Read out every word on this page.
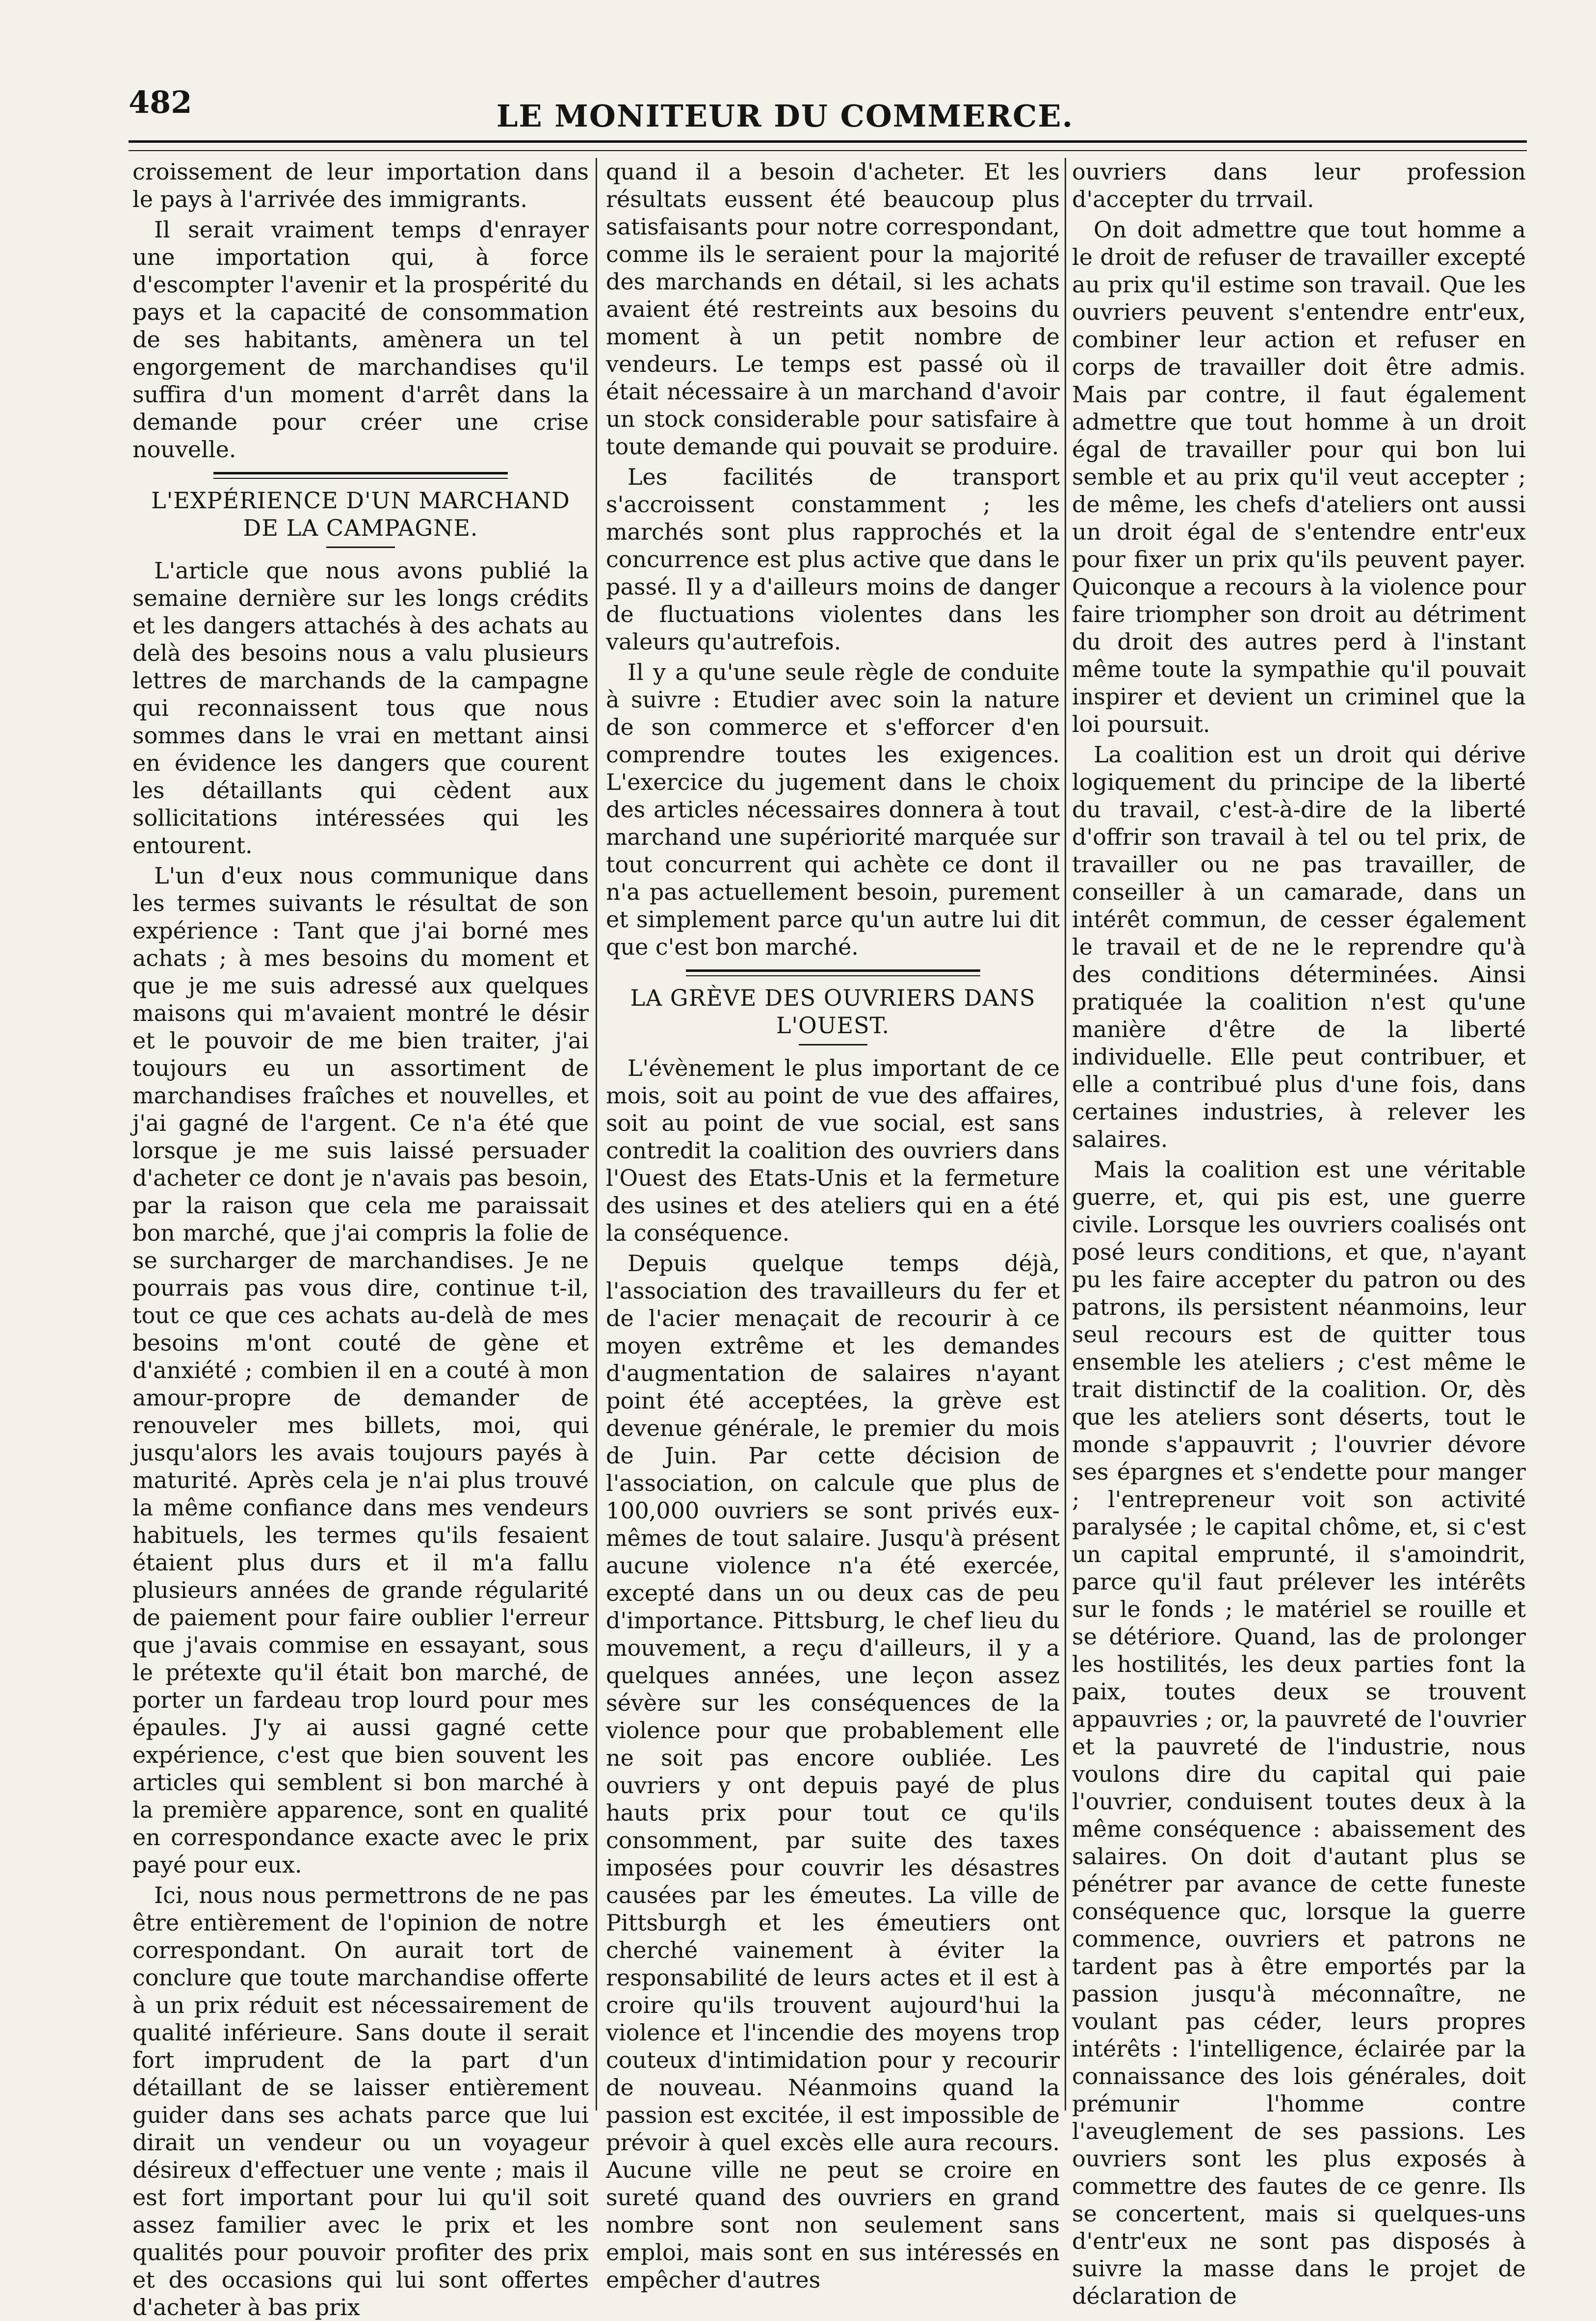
482	LE MONITEUR DU COMMERCE.

croissement de leur importation dans le pays à l'arrivée des immigrants.

Il serait vraiment temps d'enrayer une importation qui, à force d'escompter l'avenir et la prospérité du pays et la capacité de consommation de ses habitants, amènera un tel engorgement de marchandises qu'il suffira d'un moment d'arrêt dans la demande pour créer une crise nouvelle.

L'EXPÉRIENCE D'UN MARCHAND
DE LA CAMPAGNE.

L'article que nous avons publié la semaine dernière sur les longs crédits et les dangers attachés à des achats au delà des besoins nous a valu plusieurs lettres de marchands de la campagne qui reconnaissent tous que nous sommes dans le vrai en mettant ainsi en évidence les dangers que courent les détaillants qui cèdent aux sollicitations intéressées qui les entourent.

L'un d'eux nous communique dans les termes suivants le résultat de son expérience : Tant que j'ai borné mes achats ; à mes besoins du moment et que je me suis adressé aux quelques maisons qui m'avaient montré le désir et le pouvoir de me bien traiter, j'ai toujours eu un assortiment de marchandises fraîches et nouvelles, et j'ai gagné de l'argent. Ce n'a été que lorsque je me suis laissé persuader d'acheter ce dont je n'avais pas besoin, par la raison que cela me paraissait bon marché, que j'ai compris la folie de se surcharger de marchandises. Je ne pourrais pas vous dire, continue t-il, tout ce que ces achats au-delà de mes besoins m'ont couté de gène et d'anxiété ; combien il en a couté à mon amour-propre de demander de renouveler mes billets, moi, qui jusqu'alors les avais toujours payés à maturité. Après cela je n'ai plus trouvé la même confiance dans mes vendeurs habituels, les termes qu'ils fesaient étaient plus durs et il m'a fallu plusieurs années de grande régularité de paiement pour faire oublier l'erreur que j'avais commise en essayant, sous le prétexte qu'il était bon marché, de porter un fardeau trop lourd pour mes épaules. J'y ai aussi gagné cette expérience, c'est que bien souvent les articles qui semblent si bon marché à la première apparence, sont en qualité en correspondance exacte avec le prix payé pour eux.

Ici, nous nous permettrons de ne pas être entièrement de l'opinion de notre correspondant. On aurait tort de conclure que toute marchandise offerte à un prix réduit est nécessairement de qualité inférieure. Sans doute il serait fort imprudent de la part d'un détaillant de se laisser entièrement guider dans ses achats parce que lui dirait un vendeur ou un voyageur désireux d'effectuer une vente ; mais il est fort important pour lui qu'il soit assez familier avec le prix et les qualités pour pouvoir profiter des prix et des occasions qui lui sont offertes d'acheter à bas prix

quand il a besoin d'acheter. Et les résultats eussent été beaucoup plus satisfaisants pour notre correspondant, comme ils le seraient pour la majorité des marchands en détail, si les achats avaient été restreints aux besoins du moment à un petit nombre de vendeurs. Le temps est passé où il était nécessaire à un marchand d'avoir un stock considerable pour satisfaire à toute demande qui pouvait se produire.

Les facilités de transport s'accroissent constamment ; les marchés sont plus rapprochés et la concurrence est plus active que dans le passé. Il y a d'ailleurs moins de danger de fluctuations violentes dans les valeurs qu'autrefois.

Il y a qu'une seule règle de conduite à suivre : Etudier avec soin la nature de son commerce et s'efforcer d'en comprendre toutes les exigences. L'exercice du jugement dans le choix des articles nécessaires donnera à tout marchand une supériorité marquée sur tout concurrent qui achète ce dont il n'a pas actuellement besoin, purement et simplement parce qu'un autre lui dit que c'est bon marché.

LA GRÈVE DES OUVRIERS DANS
L'OUEST.

L'évènement le plus important de ce mois, soit au point de vue des affaires, soit au point de vue social, est sans contredit la coalition des ouvriers dans l'Ouest des Etats-Unis et la fermeture des usines et des ateliers qui en a été la conséquence.

Depuis quelque temps déjà, l'association des travailleurs du fer et de l'acier menaçait de recourir à ce moyen extrême et les demandes d'augmentation de salaires n'ayant point été acceptées, la grève est devenue générale, le premier du mois de Juin. Par cette décision de l'association, on calcule que plus de 100,000 ouvriers se sont privés eux-mêmes de tout salaire. Jusqu'à présent aucune violence n'a été exercée, excepté dans un ou deux cas de peu d'importance. Pittsburg, le chef lieu du mouvement, a reçu d'ailleurs, il y a quelques années, une leçon assez sévère sur les conséquences de la violence pour que probablement elle ne soit pas encore oubliée. Les ouvriers y ont depuis payé de plus hauts prix pour tout ce qu'ils consomment, par suite des taxes imposées pour couvrir les désastres causées par les émeutes. La ville de Pittsburgh et les émeutiers ont cherché vainement à éviter la responsabilité de leurs actes et il est à croire qu'ils trouvent aujourd'hui la violence et l'incendie des moyens trop couteux d'intimidation pour y recourir de nouveau. Néanmoins quand la passion est excitée, il est impossible de prévoir à quel excès elle aura recours. Aucune ville ne peut se croire en sureté quand des ouvriers en grand nombre sont non seulement sans emploi, mais sont en sus intéressés en empêcher d'autres

ouvriers dans leur profession d'accepter du trrvail.

On doit admettre que tout homme a le droit de refuser de travailler excepté au prix qu'il estime son travail. Que les ouvriers peuvent s'entendre entr'eux, combiner leur action et refuser en corps de travailler doit être admis. Mais par contre, il faut également admettre que tout homme à un droit égal de travailler pour qui bon lui semble et au prix qu'il veut accepter ; de même, les chefs d'ateliers ont aussi un droit égal de s'entendre entr'eux pour fixer un prix qu'ils peuvent payer. Quiconque a recours à la violence pour faire triompher son droit au détriment du droit des autres perd à l'instant même toute la sympathie qu'il pouvait inspirer et devient un criminel que la loi poursuit.

La coalition est un droit qui dérive logiquement du principe de la liberté du travail, c'est-à-dire de la liberté d'offrir son travail à tel ou tel prix, de travailler ou ne pas travailler, de conseiller à un camarade, dans un intérêt commun, de cesser également le travail et de ne le reprendre qu'à des conditions déterminées. Ainsi pratiquée la coalition n'est qu'une manière d'être de la liberté individuelle. Elle peut contribuer, et elle a contribué plus d'une fois, dans certaines industries, à relever les salaires.

Mais la coalition est une véritable guerre, et, qui pis est, une guerre civile. Lorsque les ouvriers coalisés ont posé leurs conditions, et que, n'ayant pu les faire accepter du patron ou des patrons, ils persistent néanmoins, leur seul recours est de quitter tous ensemble les ateliers ; c'est même le trait distinctif de la coalition. Or, dès que les ateliers sont déserts, tout le monde s'appauvrit ; l'ouvrier dévore ses épargnes et s'endette pour manger ; l'entrepreneur voit son activité paralysée ; le capital chôme, et, si c'est un capital emprunté, il s'amoindrit, parce qu'il faut prélever les intérêts sur le fonds ; le matériel se rouille et se détériore. Quand, las de prolonger les hostilités, les deux parties font la paix, toutes deux se trouvent appauvries ; or, la pauvreté de l'ouvrier et la pauvreté de l'industrie, nous voulons dire du capital qui paie l'ouvrier, conduisent toutes deux à la même conséquence : abaissement des salaires. On doit d'autant plus se pénétrer par avance de cette funeste conséquence quc, lorsque la guerre commence, ouvriers et patrons ne tardent pas à être emportés par la passion jusqu'à méconnaître, ne voulant pas céder, leurs propres intérêts : l'intelligence, éclairée par la connaissance des lois générales, doit prémunir l'homme contre l'aveuglement de ses passions. Les ouvriers sont les plus exposés à commettre des fautes de ce genre. Ils se concertent, mais si quelques-uns d'entr'eux ne sont pas disposés à suivre la masse dans le projet de déclaration de
